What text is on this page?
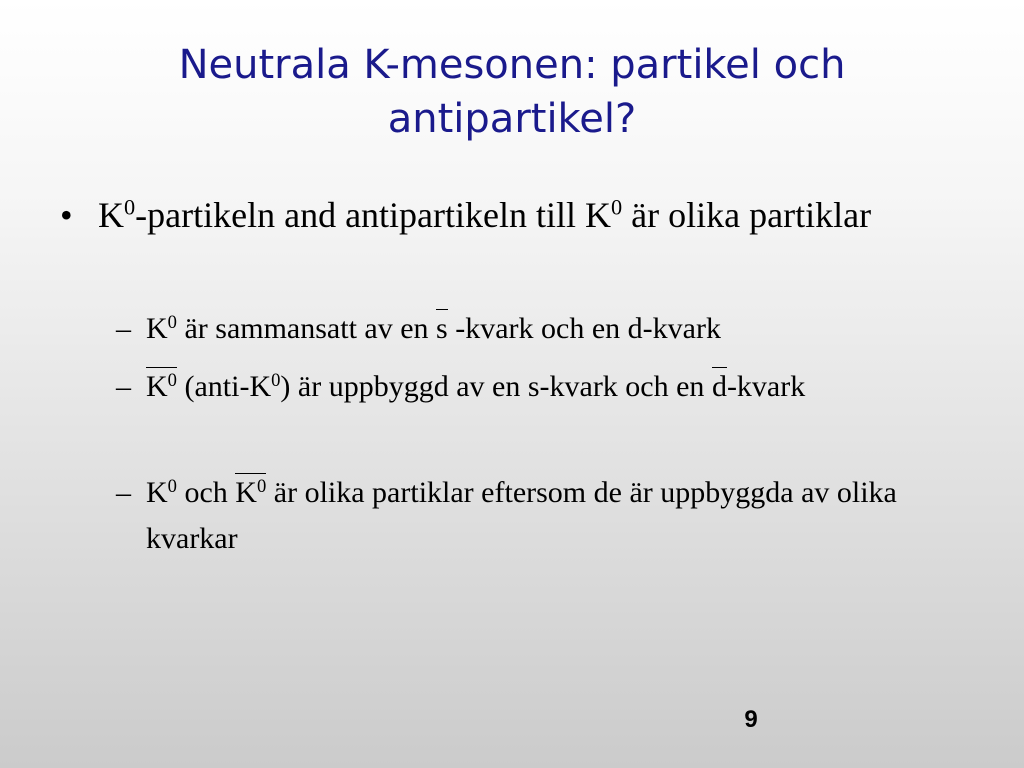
Neutrala K-mesonen: partikel och antipartikel?
• $K^0$-partikeln and antipartikeln till $K^0$ är olika partiklar
– $K^0$ är sammansatt av en s -kvark och en d-kvark
– $K^0$ $(anti-K^0)$ är uppbyggd av en s-kvark och en d-kvark
– $K^0$ och $K^0$ är olika partiklar eftersom de är uppbyggda av olika kvarkar
9
